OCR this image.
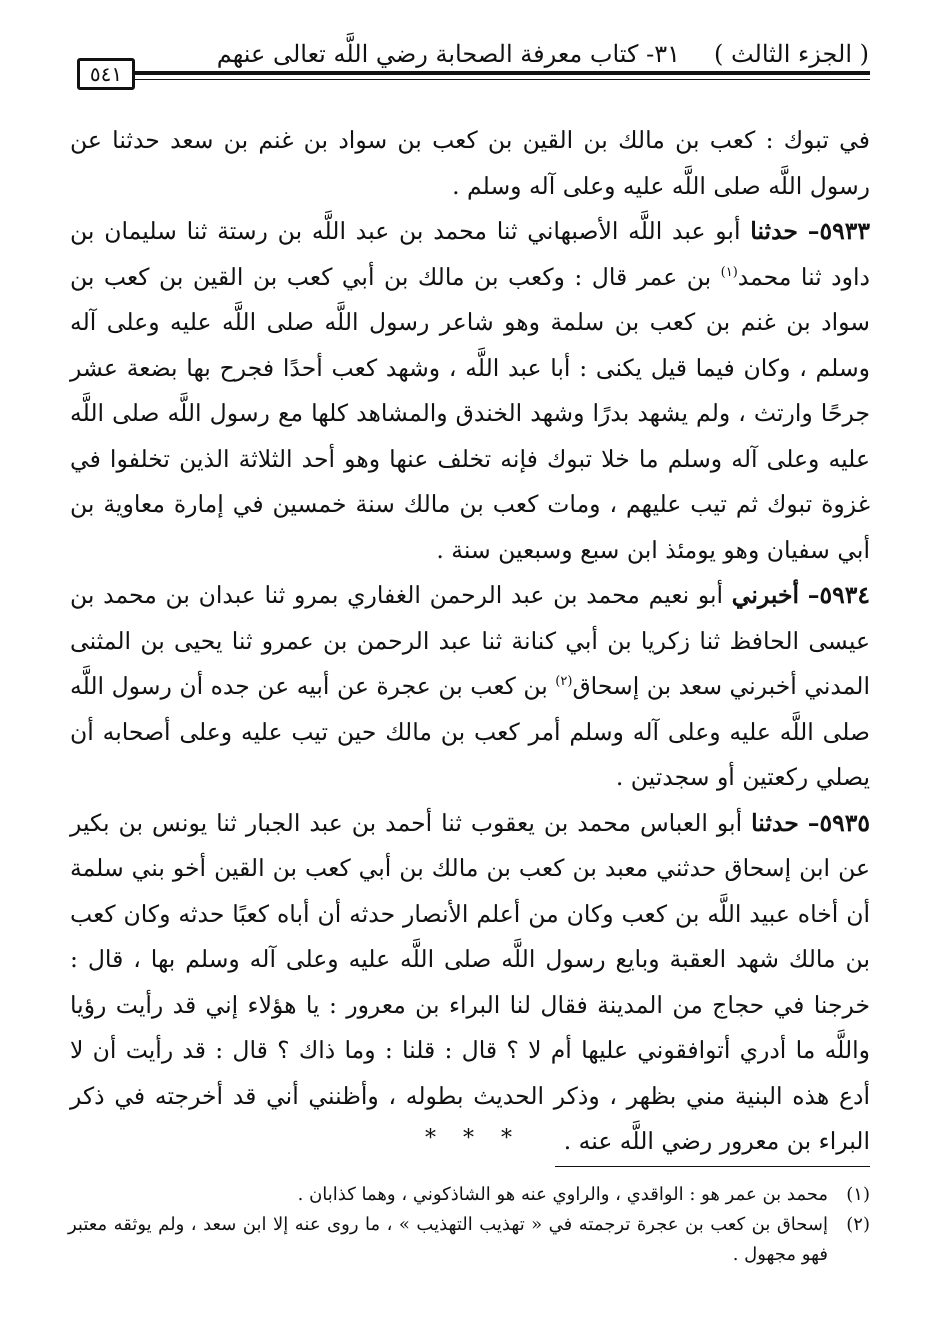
( الجزء الثالث )
٣١- كتاب معرفة الصحابة رضي اللَّه تعالى عنهم
٥٤١

في تبوك : كعب بن مالك بن القين بن كعب بن سواد بن غنم بن سعد حدثنا عن رسول اللَّه صلى اللَّه عليه وعلى آله وسلم .

٥٩٣٣– حدثنا أبو عبد اللَّه الأصبهاني ثنا محمد بن عبد اللَّه بن رستة ثنا سليمان بن داود ثنا محمد$^{(١)}$ بن عمر قال : وكعب بن مالك بن أبي كعب بن القين بن كعب بن سواد بن غنم بن كعب بن سلمة وهو شاعر رسول اللَّه صلى اللَّه عليه وعلى آله وسلم ، وكان فيما قيل يكنى : أبا عبد اللَّه ، وشهد كعب أحدًا فجرح بها بضعة عشر جرحًا وارتث ، ولم يشهد بدرًا وشهد الخندق والمشاهد كلها مع رسول اللَّه صلى اللَّه عليه وعلى آله وسلم ما خلا تبوك فإنه تخلف عنها وهو أحد الثلاثة الذين تخلفوا في غزوة تبوك ثم تيب عليهم ، ومات كعب بن مالك سنة خمسين في إمارة معاوية بن أبي سفيان وهو يومئذ ابن سبع وسبعين سنة .

٥٩٣٤– أخبرني أبو نعيم محمد بن عبد الرحمن الغفاري بمرو ثنا عبدان بن محمد بن عيسى الحافظ ثنا زكريا بن أبي كنانة ثنا عبد الرحمن بن عمرو ثنا يحيى بن المثنى المدني أخبرني سعد بن إسحاق$^{(٢)}$ بن كعب بن عجرة عن أبيه عن جده أن رسول اللَّه صلى اللَّه عليه وعلى آله وسلم أمر كعب بن مالك حين تيب عليه وعلى أصحابه أن يصلي ركعتين أو سجدتين .

٥٩٣٥– حدثنا أبو العباس محمد بن يعقوب ثنا أحمد بن عبد الجبار ثنا يونس بن بكير عن ابن إسحاق حدثني معبد بن كعب بن مالك بن أبي كعب بن القين أخو بني سلمة أن أخاه عبيد اللَّه بن كعب وكان من أعلم الأنصار حدثه أن أباه كعبًا حدثه وكان كعب بن مالك شهد العقبة وبايع رسول اللَّه صلى اللَّه عليه وعلى آله وسلم بها ، قال : خرجنا في حجاج من المدينة فقال لنا البراء بن معرور : يا هؤلاء إني قد رأيت رؤيا واللَّه ما أدري أتوافقوني عليها أم لا ؟ قال : قلنا : وما ذاك ؟ قال : قد رأيت أن لا أدع هذه البنية مني بظهر ، وذكر الحديث بطوله ، وأظنني أني قد أخرجته في ذكر البراء بن معرور رضي اللَّه عنه .

* * *
(١)
محمد بن عمر هو : الواقدي ، والراوي عنه هو الشاذكوني ، وهما كذابان .
(٢)
إسحاق بن كعب بن عجرة ترجمته في « تهذيب التهذيب » ، ما روى عنه إلا ابن سعد ، ولم يوثقه معتبر فهو مجهول .
